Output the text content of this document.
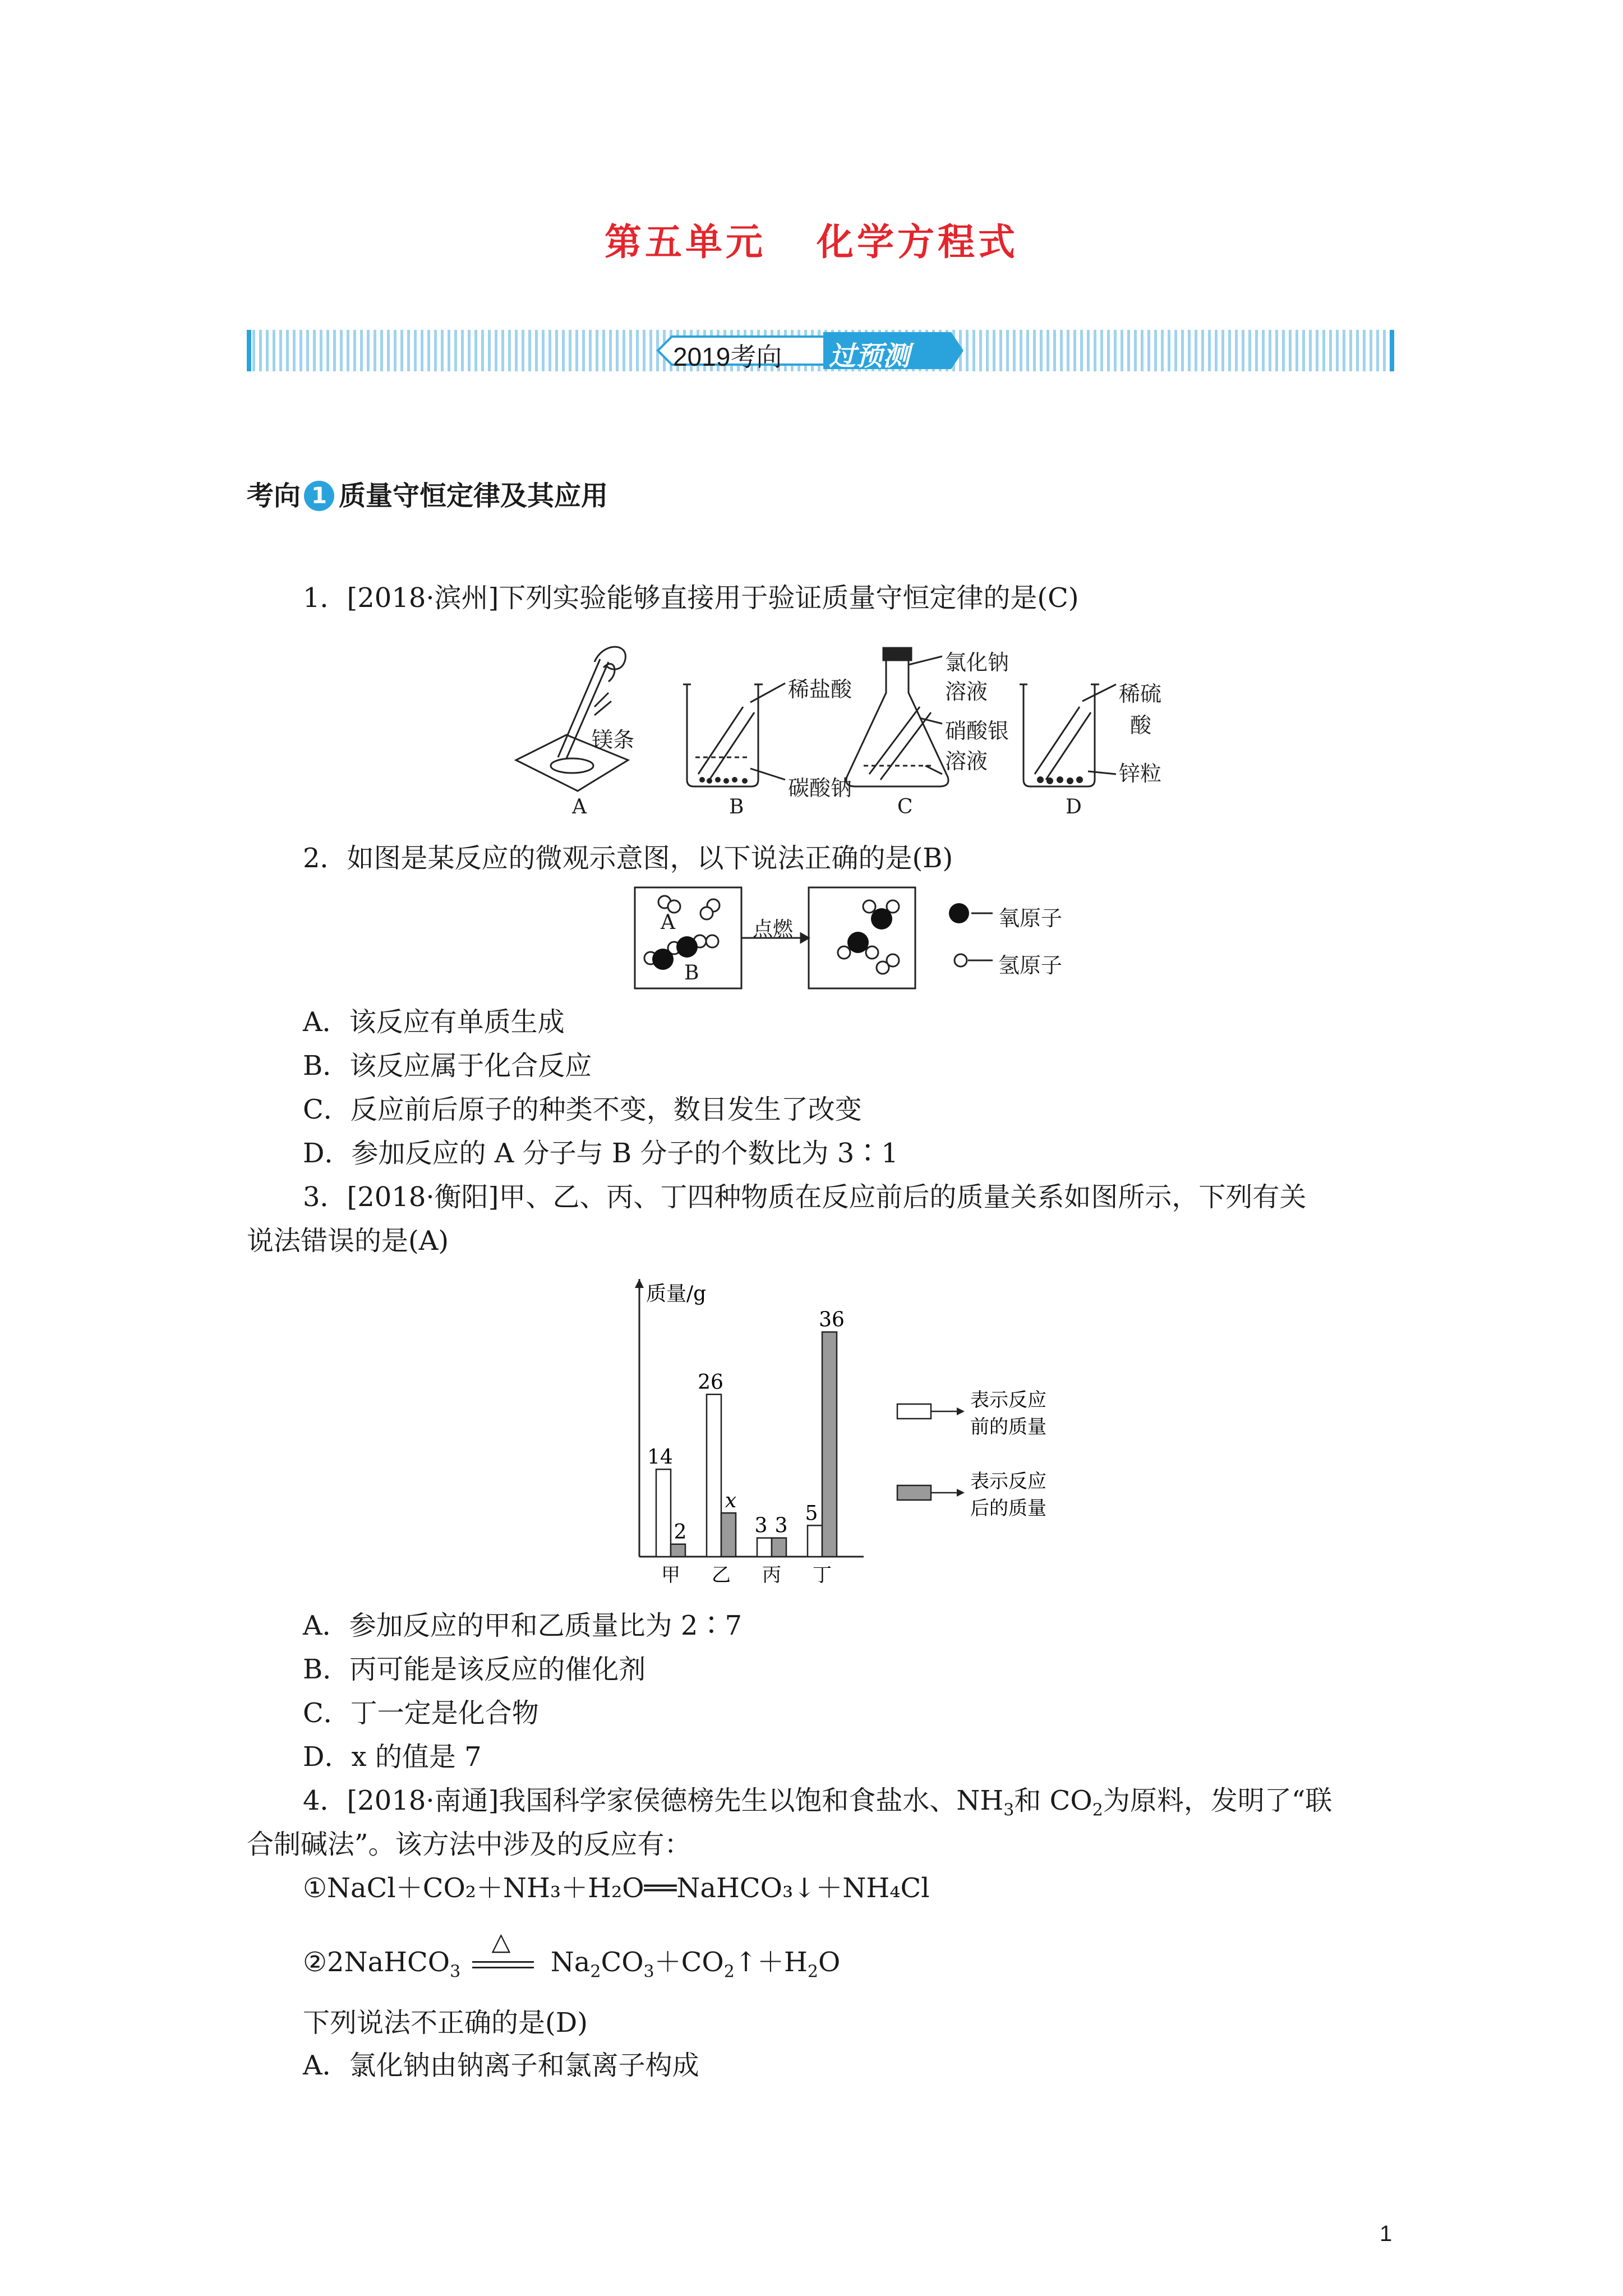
第五单元 化学方程式
2019考向 过预测
考向 1 质量守恒定律及其应用
1．[2018·滨州]下列实验能够直接用于验证质量守恒定律的是(C)
镁条
稀盐酸
碳酸钠
氯化钠
溶液
硝酸银
溶液
稀硫
酸
锌粒
A	B	C	D
2．如图是某反应的微观示意图，以下说法正确的是(B)
A
B
点燃	氧原子
氢原子
A．该反应有单质生成
B．该反应属于化合反应
C．反应前后原子的种类不变，数目发生了改变
D．参加反应的 A 分子与 B 分子的个数比为 3∶1
3．[2018·衡阳]甲、乙、丙、丁四种物质在反应前后的质量关系如图所示，下列有关
说法错误的是(A)
质量/g
14
2
甲
26
x
乙
3 3
丙
5
36
丁
表示反应
前的质量
表示反应
后的质量
A．参加反应的甲和乙质量比为 2∶7
B．丙可能是该反应的催化剂
C．丁一定是化合物
D．x 的值是 7
4．[2018·南通]我国科学家侯德榜先生以饱和食盐水、$NH_3$和 $CO_2$为原料，发明了“联
合制碱法”。该方法中涉及的反应有：
①NaCl＋CO₂＋NH₃＋H₂O══NaHCO₃↓＋NH₄Cl
②2NaHCO$_3$
△
$Na_2CO_3+CO_2↑+H_2O$
下列说法不正确的是(D)
A．氯化钠由钠离子和氯离子构成
1
